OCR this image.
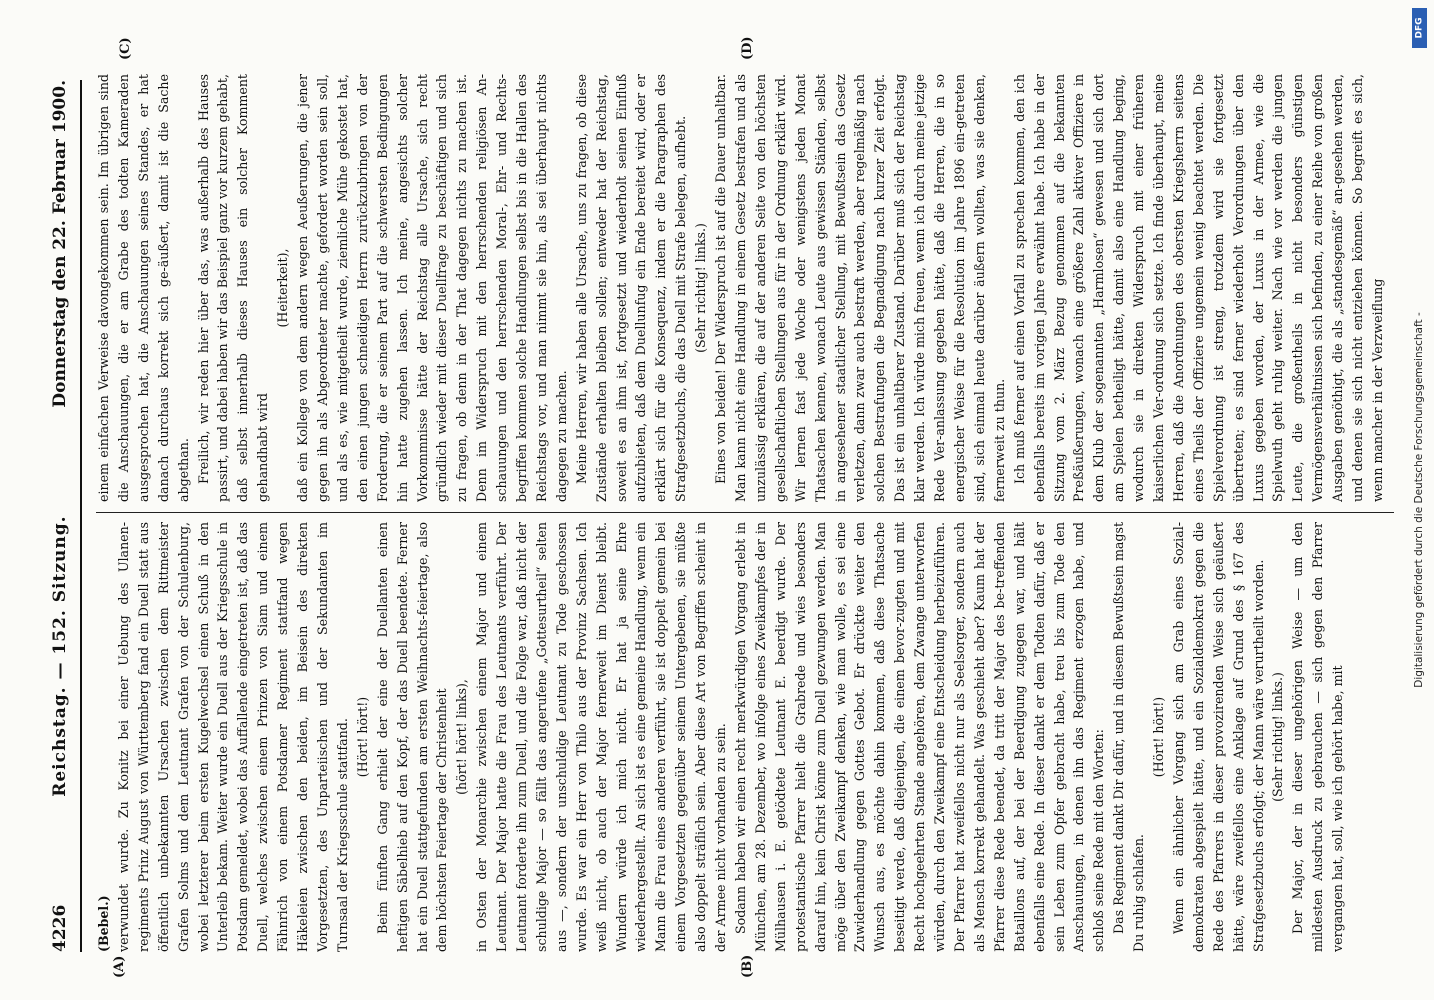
4226
Reichstag. — 152. Sitzung.
Donnerstag den 22. Februar 1900.
(A)	(B)
(C)	(D)
(Bebel.) verwundet wurde. Zu Konitz bei einer Uebung des Ulanen-regiments Prinz August von Württemberg fand ein Duell statt aus öffentlich unbekannten Ursachen zwischen dem Rittmeister Grafen Solms und dem Leutnant Grafen von der Schulenburg, wobei letzterer beim ersten Kugelwechsel einen Schuß in den Unterleib bekam. Weiter wurde ein Duell aus der Kriegsschule in Potsdam gemeldet, wobei das Auffallende eingetreten ist, daß das Duell, welches zwischen einem Prinzen von Siam und einem Fähnrich von einem Potsdamer Regiment stattfand wegen Häkeleien zwischen den beiden, im Beisein des direkten Vorgesetzten, des Unparteiischen und der Sekundanten im Turnsaal der Kriegsschule stattfand. (Hört! hört!) Beim fünften Gang erhielt der eine der Duellanten einen heftigen Säbelhieb auf den Kopf, der das Duell beendete. Ferner hat ein Duell stattgefunden am ersten Weihnachts-feiertage, also dem höchsten Feiertage der Christenheit (hört! hört! links), in Osten der Monarchie zwischen einem Major und einem Leutnant. Der Major hatte die Frau des Leutnants verführt. Der Leutnant forderte ihn zum Duell, und die Folge war, daß nicht der schuldige Major — so fällt das angerufene „Gottesurtheil“ selten aus —, sondern der unschuldige Leutnant zu Tode geschossen wurde. Es war ein Herr von Thilo aus der Provinz Sachsen. Ich weiß nicht, ob auch der Major fernerweit im Dienst bleibt. Wundern würde ich mich nicht. Er hat ja seine Ehre wiederhergestellt. An sich ist es eine gemeine Handlung, wenn ein Mann die Frau eines anderen verführt, sie ist doppelt gemein bei einem Vorgesetzten gegenüber seinem Untergebenen, sie müßte also doppelt sträflich sein. Aber diese Art von Begriffen scheint in der Armee nicht vorhanden zu sein. Sodann haben wir einen recht merkwürdigen Vorgang erlebt in München, am 28. Dezember, wo infolge eines Zweikampfes der in Mülhausen i. E. getödtete Leutnant E. beerdigt wurde. Der protestantische Pfarrer hielt die Grabrede und wies besonders darauf hin, kein Christ könne zum Duell gezwungen werden. Man möge über den Zweikampf denken, wie man wolle, es sei eine Zuwiderhandlung gegen Gottes Gebot. Er drückte weiter den Wunsch aus, es möchte dahin kommen, daß diese Thatsache beseitigt werde, daß diejenigen, die einem bevor-zugten und mit Recht hochgeehrten Stande angehören, dem Zwange unterworfen würden, durch den Zweikampf eine Entscheidung herbeizuführen. Der Pfarrer hat zweifellos nicht nur als Seelsorger, sondern auch als Mensch korrekt gehandelt. Was geschieht aber? Kaum hat der Pfarrer diese Rede beendet, da tritt der Major des be-treffenden Bataillons auf, der bei der Beerdigung zugegen war, und hält ebenfalls eine Rede. In dieser dankt er dem Todten dafür, daß er sein Leben zum Opfer gebracht habe, treu bis zum Tode den Anschauungen, in denen ihn das Regiment erzogen habe, und schloß seine Rede mit den Worten: Das Regiment dankt Dir dafür, und in diesem Bewußtsein magst Du ruhig schlafen.

(Hört! hört!) Wenn ein ähnlicher Vorgang sich am Grab eines Sozial-demokraten abgespielt hätte, und ein Sozialdemokrat gegen die Rede des Pfarrers in dieser provozirenden Weise sich geäußert hätte, wäre zweifellos eine Anklage auf Grund des § 167 des Strafgesetzbuchs erfolgt; der Mann wäre verurtheilt worden. (Sehr richtig! links.) Der Major, der in dieser ungehörigen Weise — um den mildesten Ausdruck zu gebrauchen — sich gegen den Pfarrer vergangen hat, soll, wie ich gehört habe, mit

einem einfachen Verweise davongekommen sein. Im übrigen sind die Anschauungen, die er am Grabe des todten Kameraden ausgesprochen hat, die Anschauungen seines Standes, er hat danach durchaus korrekt sich ge-äußert, damit ist die Sache abgethan. Freilich, wir reden hier über das, was außerhalb des Hauses passirt, und dabei haben wir das Beispiel ganz vor kurzem gehabt, daß selbst innerhalb dieses Hauses ein solcher Komment gehandhabt wird

(Heiterkeit), daß ein Kollege von dem andern wegen Aeußerungen, die jener gegen ihn als Abgeordneter machte, gefordert worden sein soll, und als es, wie mitgetheilt wurde, ziemliche Mühe gekostet hat, den einen jungen schneidigen Herrn zurückzubringen von der Forderung, die er seinem Part auf die schwersten Bedingungen hin hatte zugehen lassen. Ich meine, angesichts solcher Vorkommnisse hätte der Reichstag alle Ursache, sich recht gründlich wieder mit dieser Duellfrage zu beschäftigen und sich zu fragen, ob denn in der That dagegen nichts zu machen ist. Denn im Widerspruch mit den herrschenden religiösen An-schauungen und den herrschenden Moral-, Ehr- und Rechts-begriffen kommen solche Handlungen selbst bis in die Hallen des Reichstags vor, und man nimmt sie hin, als sei überhaupt nichts dagegen zu machen. Meine Herren, wir haben alle Ursache, uns zu fragen, ob diese Zustände erhalten bleiben sollen; entweder hat der Reichstag, soweit es an ihm ist, fortgesetzt und wiederholt seinen Einfluß aufzubieten, daß dem Duellunfug ein Ende bereitet wird, oder er erklärt sich für die Konsequenz, indem er die Paragraphen des Strafgesetzbuchs, die das Duell mit Strafe belegen, aufhebt. (Sehr richtig! links.) Eines von beiden! Der Widerspruch ist auf die Dauer unhaltbar. Man kann nicht eine Handlung in einem Gesetz bestrafen und als unzulässig erklären, die auf der anderen Seite von den höchsten gesellschaftlichen Stellungen aus für in der Ordnung erklärt wird. Wir lernen fast jede Woche oder wenigstens jeden Monat Thatsachen kennen, wonach Leute aus gewissen Ständen, selbst in angesehener staatlicher Stellung, mit Bewußtsein das Gesetz verletzen, dann zwar auch bestraft werden, aber regelmäßig nach solchen Bestrafungen die Begnadigung nach kurzer Zeit erfolgt. Das ist ein unhaltbarer Zustand. Darüber muß sich der Reichstag klar werden. Ich würde mich freuen, wenn ich durch meine jetzige Rede Ver-anlassung gegeben hätte, daß die Herren, die in so energischer Weise für die Resolution im Jahre 1896 ein-getreten sind, sich einmal heute darüber äußern wollten, was sie denken, fernerweit zu thun. Ich muß ferner auf einen Vorfall zu sprechen kommen, den ich ebenfalls bereits im vorigen Jahre erwähnt habe. Ich habe in der Sitzung vom 2. März Bezug genommen auf die bekannten Preßäußerungen, wonach eine größere Zahl aktiver Offiziere in dem Klub der sogenannten „Harmlosen“ gewesen und sich dort am Spielen betheiligt hätte, damit also eine Handlung beging, wodurch sie in direkten Widerspruch mit einer früheren kaiserlichen Ver-ordnung sich setzte. Ich finde überhaupt, meine Herren, daß die Anordnungen des obersten Kriegsherrn seitens eines Theils der Offiziere ungemein wenig beachtet werden. Die Spielverordnung ist streng, trotzdem wird sie fortgesetzt übertreten; es sind ferner wiederholt Verordnungen über den Luxus gegeben worden, der Luxus in der Armee, wie die Spielwuth geht ruhig weiter. Nach wie vor werden die jungen Leute, die großentheils in nicht besonders günstigen Vermögensverhältnissen sich befinden, zu einer Reihe von großen Ausgaben genöthigt, die als „standesgemäß“ an-gesehen werden, und denen sie sich nicht entziehen können. So begreift es sich, wenn mancher in der Verzweiflung	Digitalisierung gefördert durch die Deutsche Forschungsgemeinschaft -
DFG
